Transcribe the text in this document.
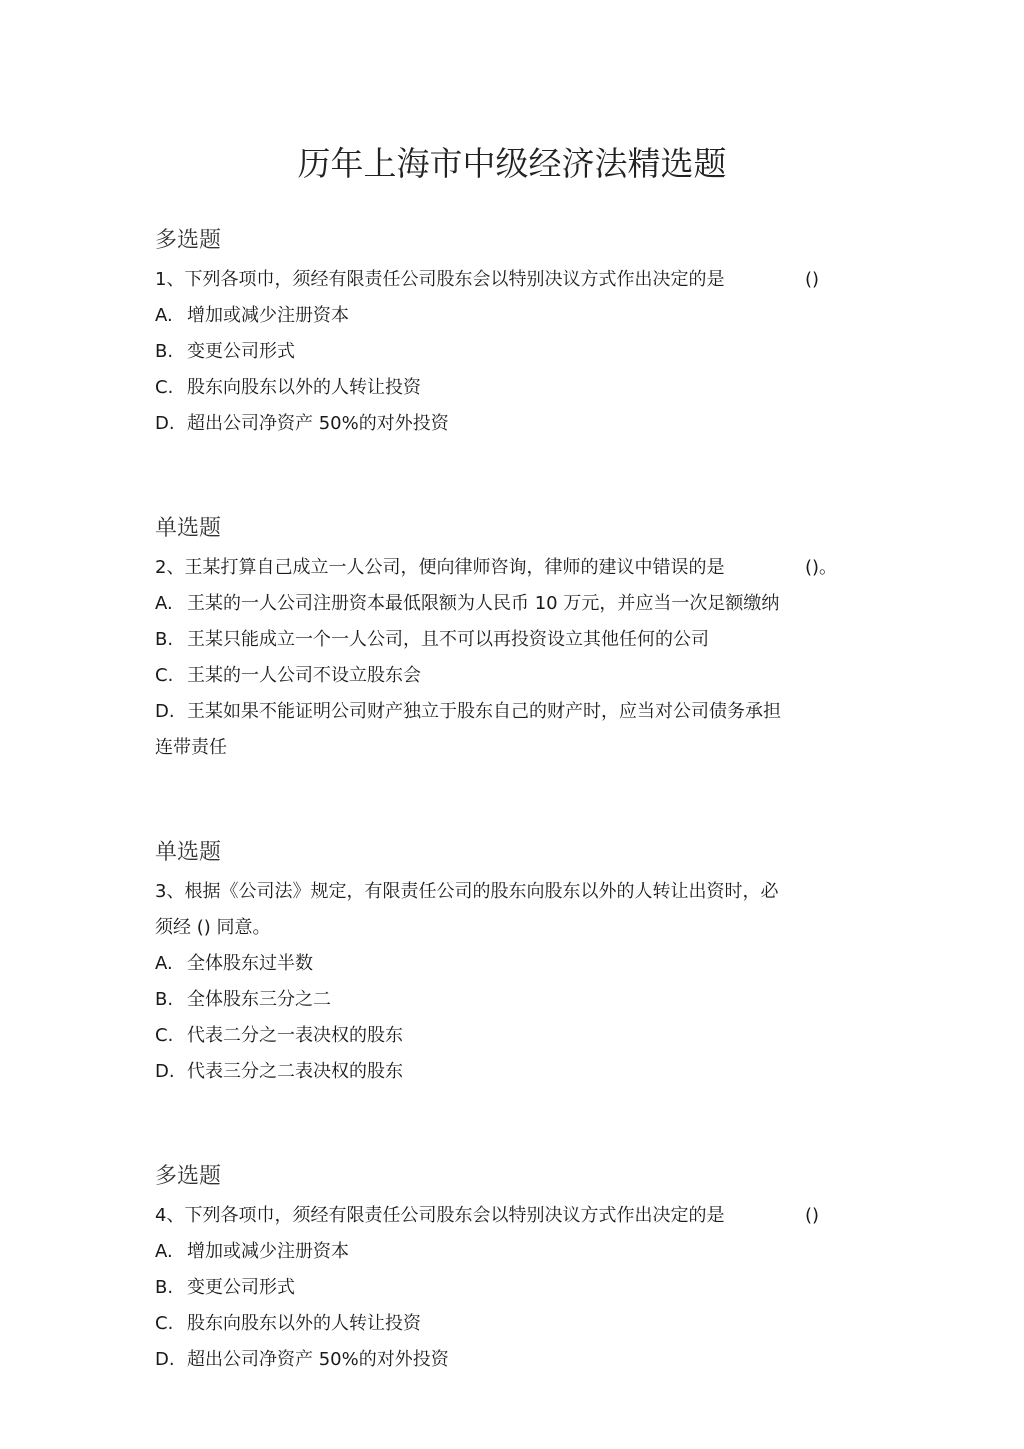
历年上海市中级经济法精选题
多选题
1、下列各项巾，须经有限责任公司股东会以特别决议方式作出决定的是	()
A. 增加或减少注册资本
B. 变更公司形式
C. 股东向股东以外的人转让投资
D. 超出公司净资产 50%的对外投资
单选题
2、王某打算自己成立一人公司，便向律师咨询，律师的建议中错误的是	()。
A. 王某的一人公司注册资本最低限额为人民币 10 万元，并应当一次足额缴纳
B. 王某只能成立一个一人公司，且不可以再投资设立其他任何的公司
C. 王某的一人公司不设立股东会
D. 王某如果不能证明公司财产独立于股东自己的财产时，应当对公司债务承担
连带责任
单选题
3、根据《公司法》规定，有限责任公司的股东向股东以外的人转让出资时，必
须经 () 同意。
A. 全体股东过半数
B. 全体股东三分之二
C. 代表二分之一表决权的股东
D. 代表三分之二表决权的股东
多选题
4、下列各项巾，须经有限责任公司股东会以特别决议方式作出决定的是	()
A. 增加或减少注册资本
B. 变更公司形式
C. 股东向股东以外的人转让投资
D. 超出公司净资产 50%的对外投资
